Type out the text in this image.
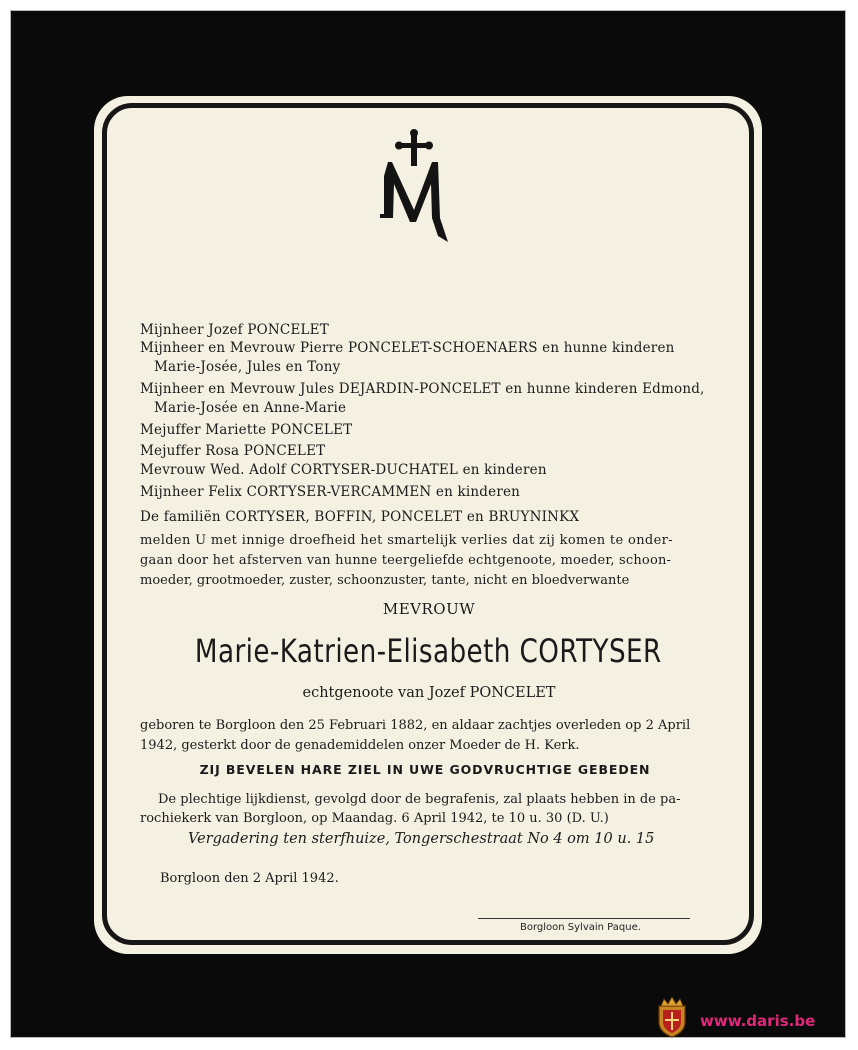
Mijnheer Jozef PONCELET
Mijnheer en Mevrouw Pierre PONCELET-SCHOENAERS en hunne kinderen
Marie-Josée, Jules en Tony
Mijnheer en Mevrouw Jules DEJARDIN-PONCELET en hunne kinderen Edmond,
Marie-Josée en Anne-Marie
Mejuffer Mariette PONCELET
Mejuffer Rosa PONCELET
Mevrouw Wed. Adolf CORTYSER-DUCHATEL en kinderen
Mijnheer Felix CORTYSER-VERCAMMEN en kinderen
De familiën CORTYSER, BOFFIN, PONCELET en BRUYNINKX
melden U met innige droefheid het smartelijk verlies dat zij komen te onder-
gaan door het afsterven van hunne teergeliefde echtgenoote, moeder, schoon-
moeder, grootmoeder, zuster, schoonzuster, tante, nicht en bloedverwante
MEVROUW
Marie-Katrien-Elisabeth CORTYSER
echtgenoote van Jozef PONCELET
geboren te Borgloon den 25 Februari 1882, en aldaar zachtjes overleden op 2 April
1942, gesterkt door de genademiddelen onzer Moeder de H. Kerk.
ZIJ BEVELEN HARE ZIEL IN UWE GODVRUCHTIGE GEBEDEN
De plechtige lijkdienst, gevolgd door de begrafenis, zal plaats hebben in de pa-
rochiekerk van Borgloon, op Maandag. 6 April 1942, te 10 u. 30 (D. U.)
Vergadering ten sterfhuize, Tongerschestraat No 4 om 10 u. 15
Borgloon den 2 April 1942.
Borgloon Sylvain Paque.
www.daris.be
